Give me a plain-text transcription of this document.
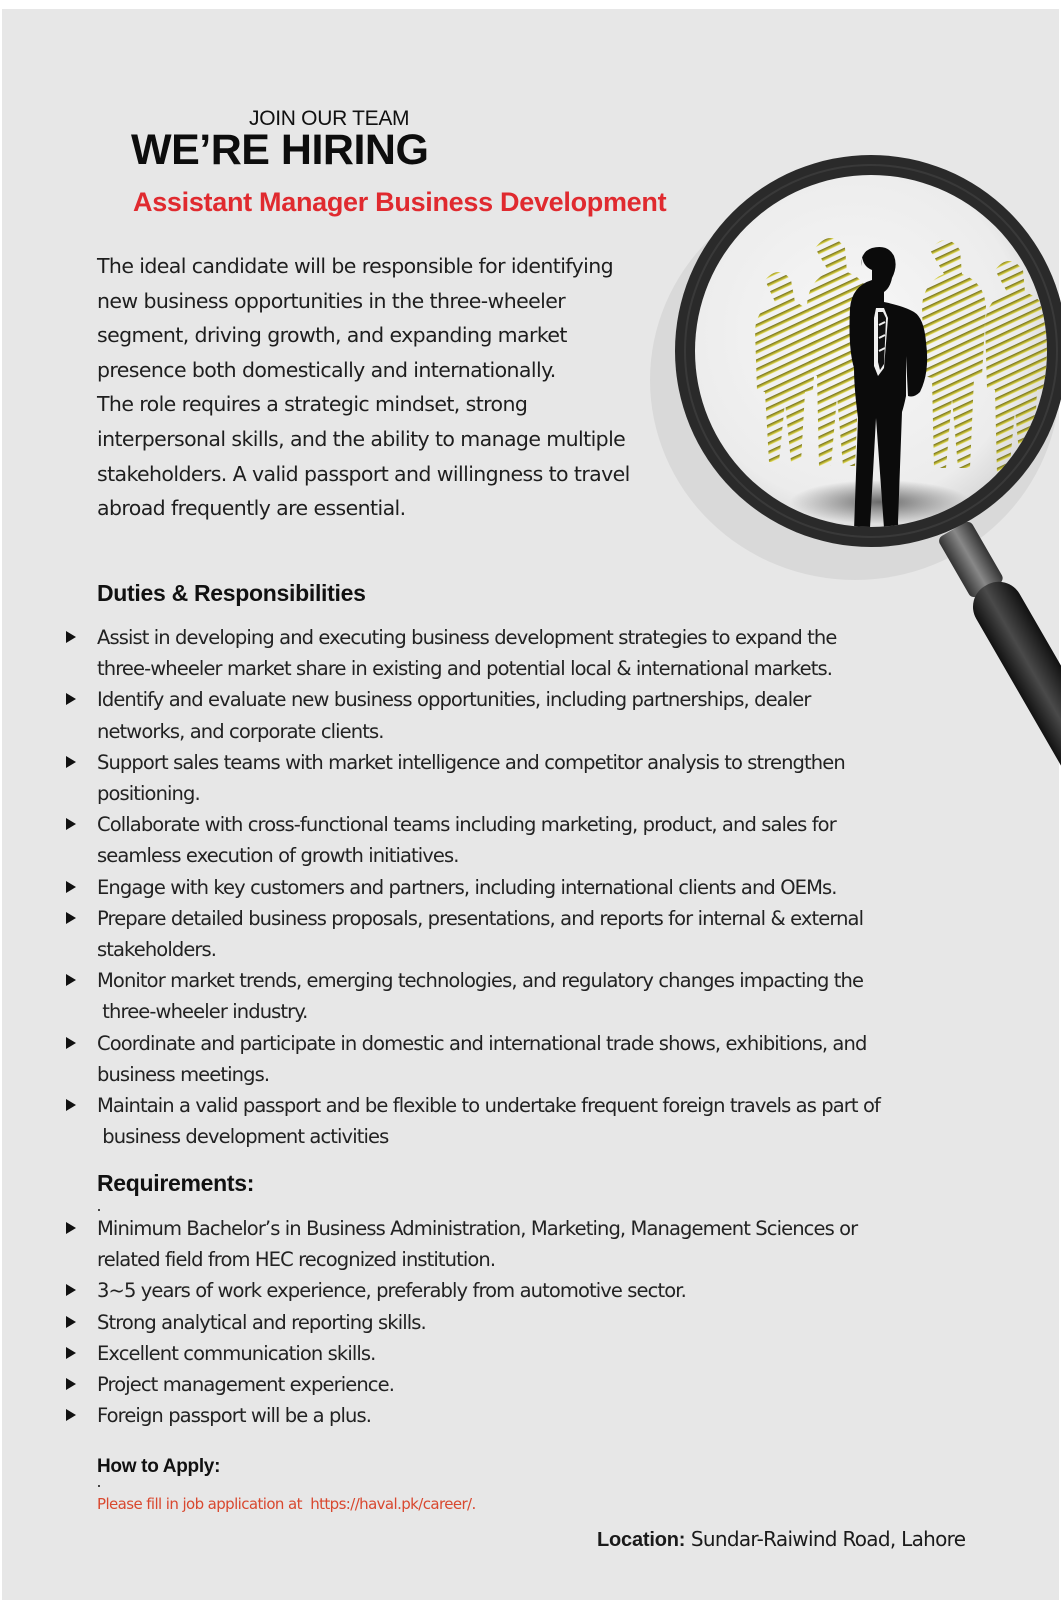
JOIN OUR TEAM
WE’RE HIRING
Assistant Manager Business Development

The ideal candidate will be responsible for identifying

new business opportunities in the three-wheeler

segment, driving growth, and expanding market

presence both domestically and internationally.

The role requires a strategic mindset, strong

interpersonal skills, and the ability to manage multiple

stakeholders. A valid passport and willingness to travel

abroad frequently are essential.

Duties & Responsibilities
Assist in developing and executing business development strategies to expand the
three-wheeler market share in existing and potential local & international markets.
Identify and evaluate new business opportunities, including partnerships, dealer
networks, and corporate clients.
Support sales teams with market intelligence and competitor analysis to strengthen
positioning.
Collaborate with cross-functional teams including marketing, product, and sales for
seamless execution of growth initiatives.
Engage with key customers and partners, including international clients and OEMs.
Prepare detailed business proposals, presentations, and reports for internal & external
stakeholders.
Monitor market trends, emerging technologies, and regulatory changes impacting the
three-wheeler industry.
Coordinate and participate in domestic and international trade shows, exhibitions, and
business meetings.
Maintain a valid passport and be flexible to undertake frequent foreign travels as part of
business development activities
Requirements:
Minimum Bachelor’s in Business Administration, Marketing, Management Sciences or
related field from HEC recognized institution.
3~5 years of work experience, preferably from automotive sector.
Strong analytical and reporting skills.
Excellent communication skills.
Project management experience.
Foreign passport will be a plus.
How to Apply:
Please fill in job application at  https://haval.pk/career/.
Location: Sundar-Raiwind Road, Lahore
